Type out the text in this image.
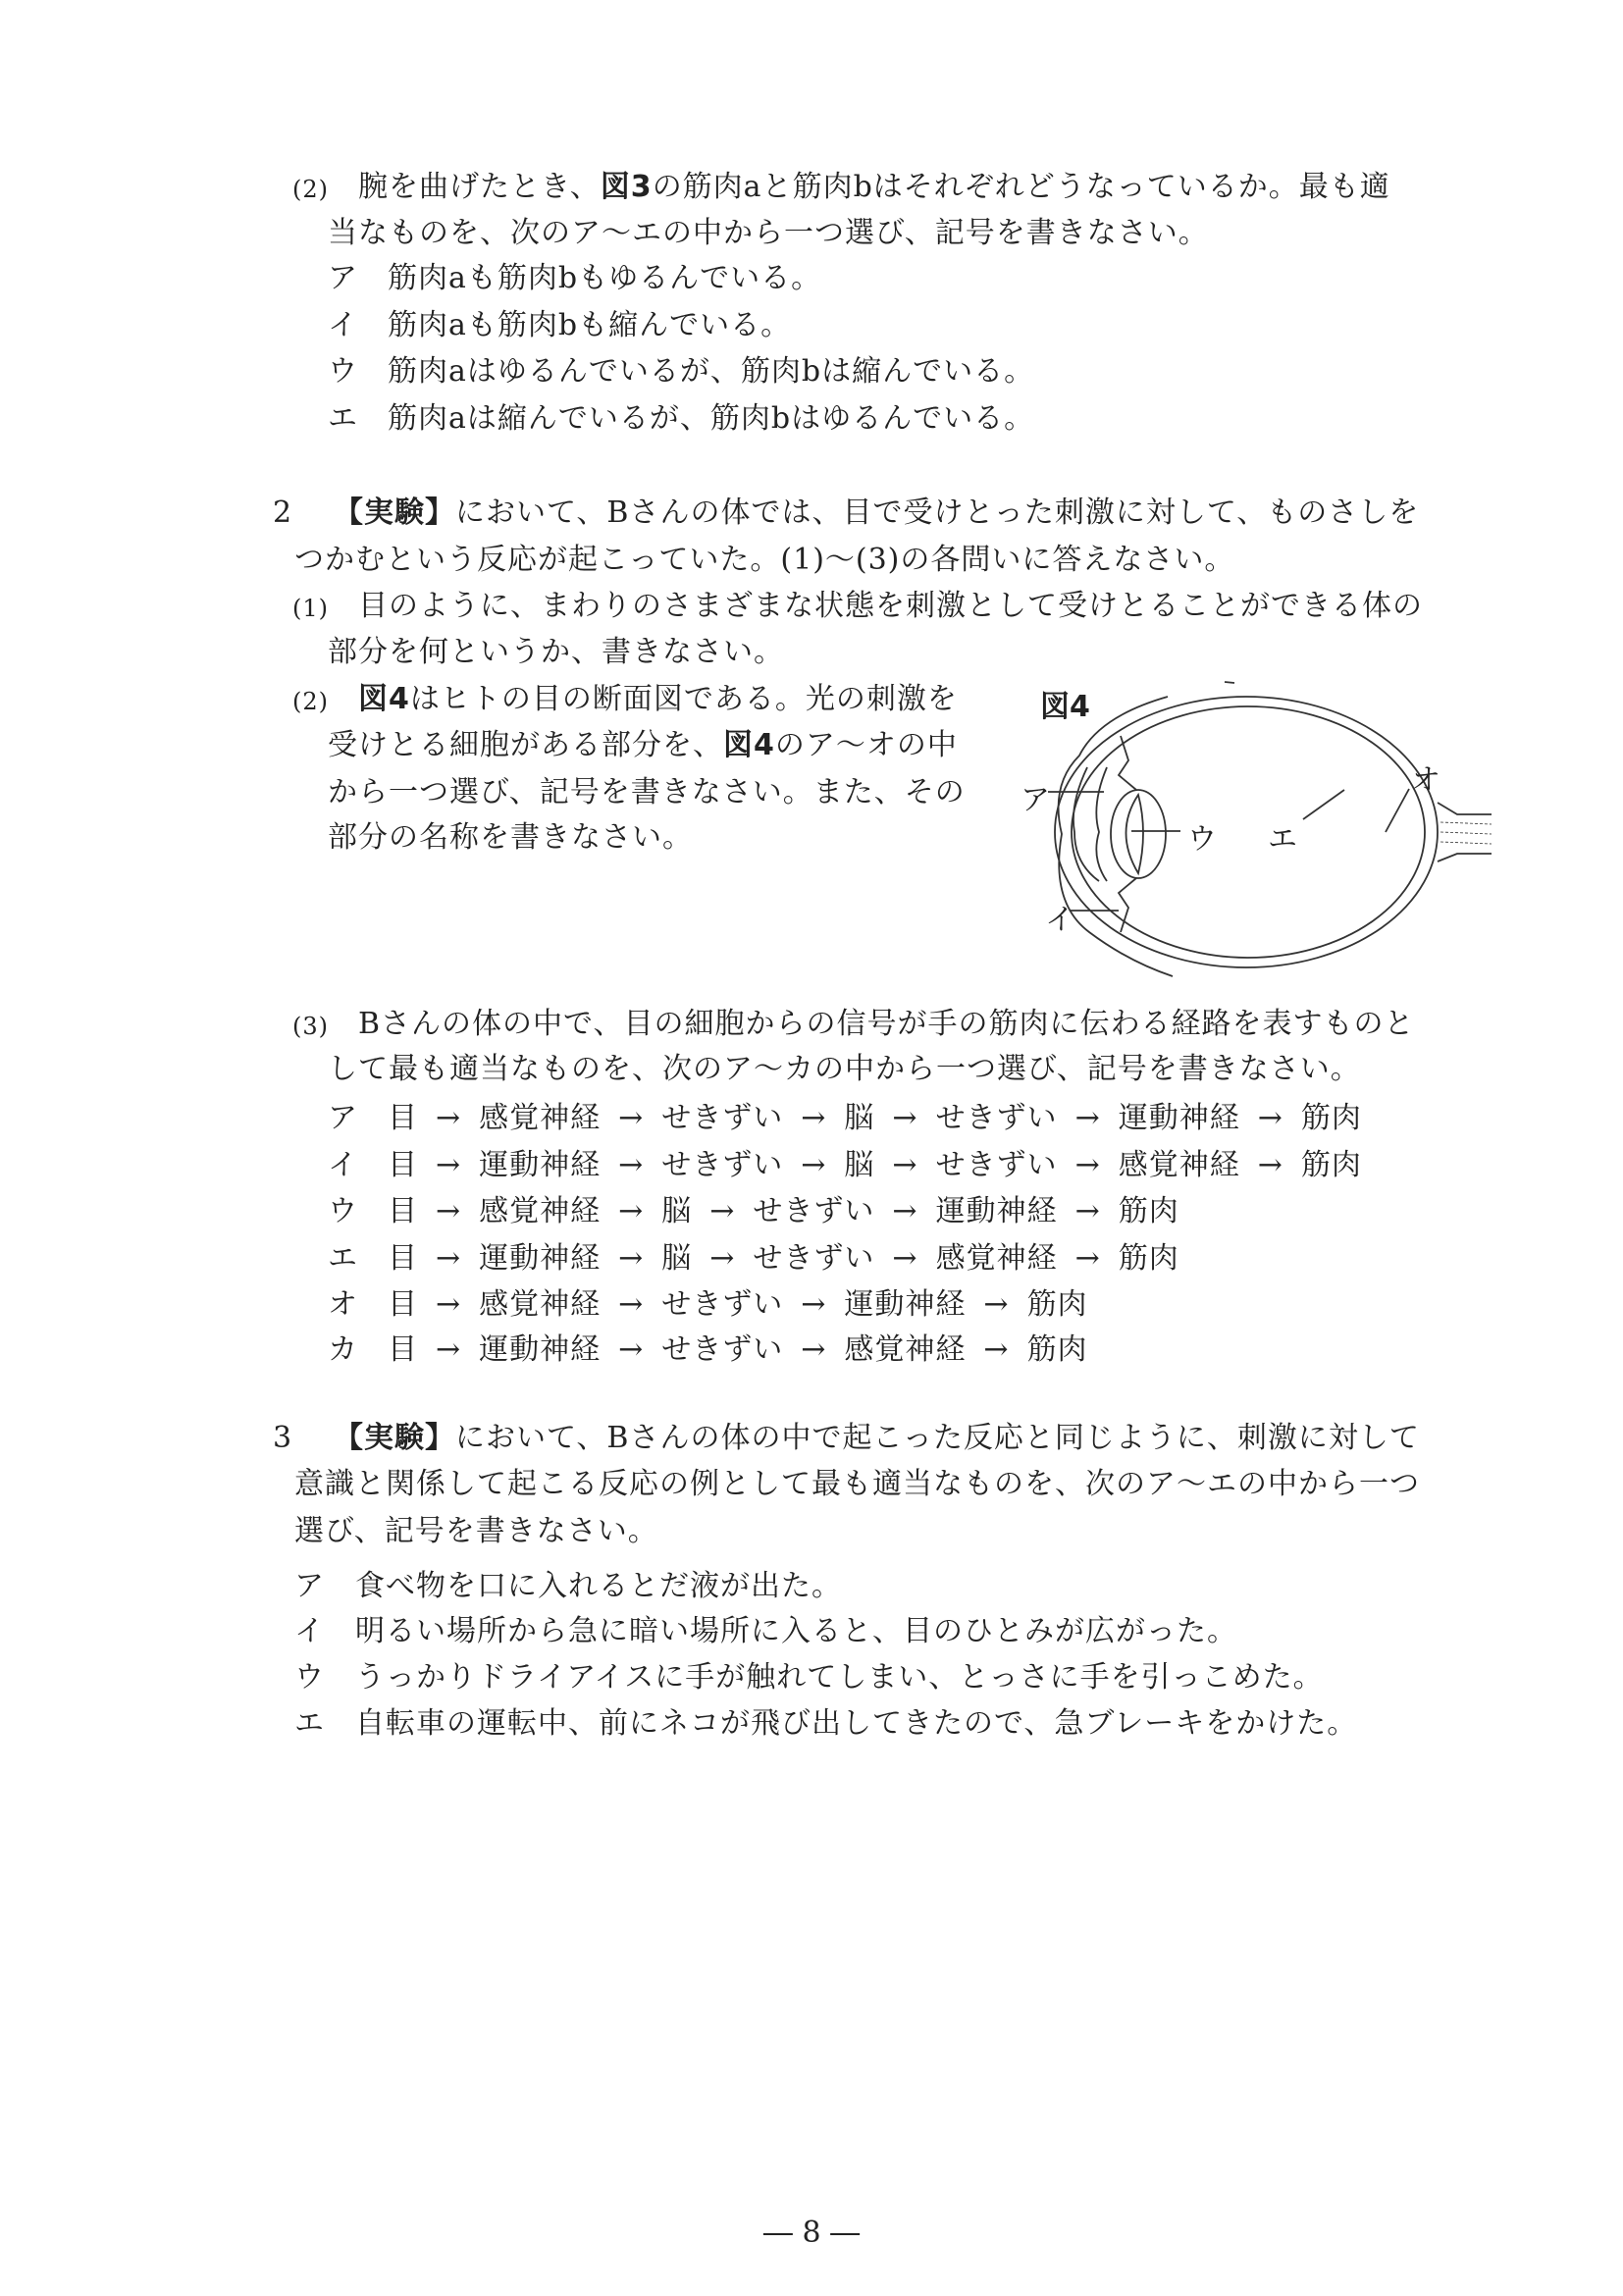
(2) 腕を曲げたとき、図3の筋肉aと筋肉bはそれぞれどうなっているか。最も適
当なものを、次のア～エの中から一つ選び、記号を書きなさい。
ア 筋肉aも筋肉bもゆるんでいる。
イ 筋肉aも筋肉bも縮んでいる。
ウ 筋肉aはゆるんでいるが、筋肉bは縮んでいる。
エ 筋肉aは縮んでいるが、筋肉bはゆるんでいる。
2 【実験】において、Bさんの体では、目で受けとった刺激に対して、ものさしを
つかむという反応が起こっていた。(1)～(3)の各問いに答えなさい。
(1) 目のように、まわりのさまざまな状態を刺激として受けとることができる体の
部分を何というか、書きなさい。
(2) 図4はヒトの目の断面図である。光の刺激を
受けとる細胞がある部分を、図4のア～オの中
から一つ選び、記号を書きなさい。また、その
部分の名称を書きなさい。
図4
ア
イ
ウ エ
オ
(3) Bさんの体の中で、目の細胞からの信号が手の筋肉に伝わる経路を表すものと
して最も適当なものを、次のア～カの中から一つ選び、記号を書きなさい。
ア 目 → 感覚神経 → せきずい → 脳 → せきずい → 運動神経 → 筋肉
イ 目 → 運動神経 → せきずい → 脳 → せきずい → 感覚神経 → 筋肉
ウ 目 → 感覚神経 → 脳 → せきずい → 運動神経 → 筋肉
エ 目 → 運動神経 → 脳 → せきずい → 感覚神経 → 筋肉
オ 目 → 感覚神経 → せきずい → 運動神経 → 筋肉
カ 目 → 運動神経 → せきずい → 感覚神経 → 筋肉
3 【実験】において、Bさんの体の中で起こった反応と同じように、刺激に対して
意識と関係して起こる反応の例として最も適当なものを、次のア～エの中から一つ
選び、記号を書きなさい。
ア 食べ物を口に入れるとだ液が出た。
イ 明るい場所から急に暗い場所に入ると、目のひとみが広がった。
ウ うっかりドライアイスに手が触れてしまい、とっさに手を引っこめた。
エ 自転車の運転中、前にネコが飛び出してきたので、急ブレーキをかけた。
― 8 ―
